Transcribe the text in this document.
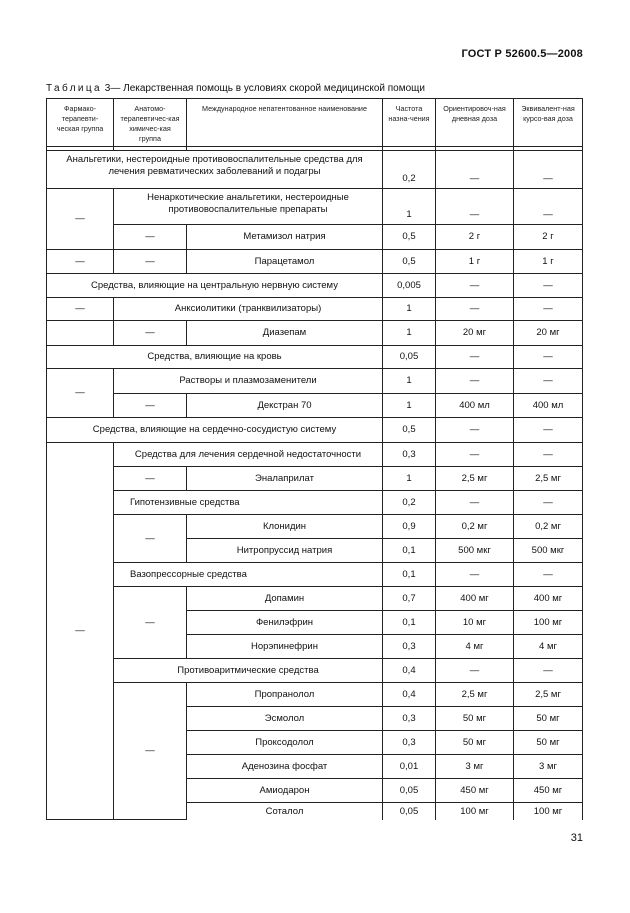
ГОСТ Р 52600.5—2008
Таблица 3— Лекарственная помощь в условиях скорой медицинской помощи
Фармако-терапевти-ческая группа	Анатомо-терапевтичес-кая химичес-кая группа	Международное непатентованное наименование	Частота назна-чения	Ориентировоч-ная дневная доза	Эквивалент-ная курсо-вая доза

Анальгетики, нестероидные противовоспалительные средства для лечения ревматических заболеваний и подагры			0,2	—	—
—	Ненаркотические анальгетики, нестероидные противовоспалительные препараты		1	—	—
	—	Метамизол натрия	0,5	2 г	2 г
—	—	Парацетамол	0,5	1 г	1 г
Средства, влияющие на центральную нервную систему			0,005	—	—
—	Анксиолитики (транквилизаторы)		1	—	—
	—	Диазепам	1	20 мг	20 мг
Средства, влияющие на кровь			0,05	—	—
—	Растворы и плазмозаменители		1	—	—
	—	Декстран 70	1	400 мл	400 мл
Средства, влияющие на сердечно-сосудистую систему			0,5	—	—
—	Средства для лечения сердечной недостаточности		0,3	—	—
	—	Эналаприлат	1	2,5 мг	2,5 мг
	Гипотензивные средства		0,2	—	—
	—	Клонидин	0,9	0,2 мг	0,2 мг
		Нитропруссид натрия	0,1	500 мкг	500 мкг
	Вазопрессорные средства		0,1	—	—
	—	Допамин	0,7	400 мг	400 мг
		Фенилэфрин	0,1	10 мг	100 мг
		Норэпинефрин	0,3	4 мг	4 мг
	Противоаритмические средства		0,4	—	—
	—	Пропранолол	0,4	2,5 мг	2,5 мг
		Эсмолол	0,3	50 мг	50 мг
		Проксодолол	0,3	50 мг	50 мг
		Аденозина фосфат	0,01	3 мг	3 мг
		Амиодарон	0,05	450 мг	450 мг
		Соталол	0,05	100 мг	100 мг
31
